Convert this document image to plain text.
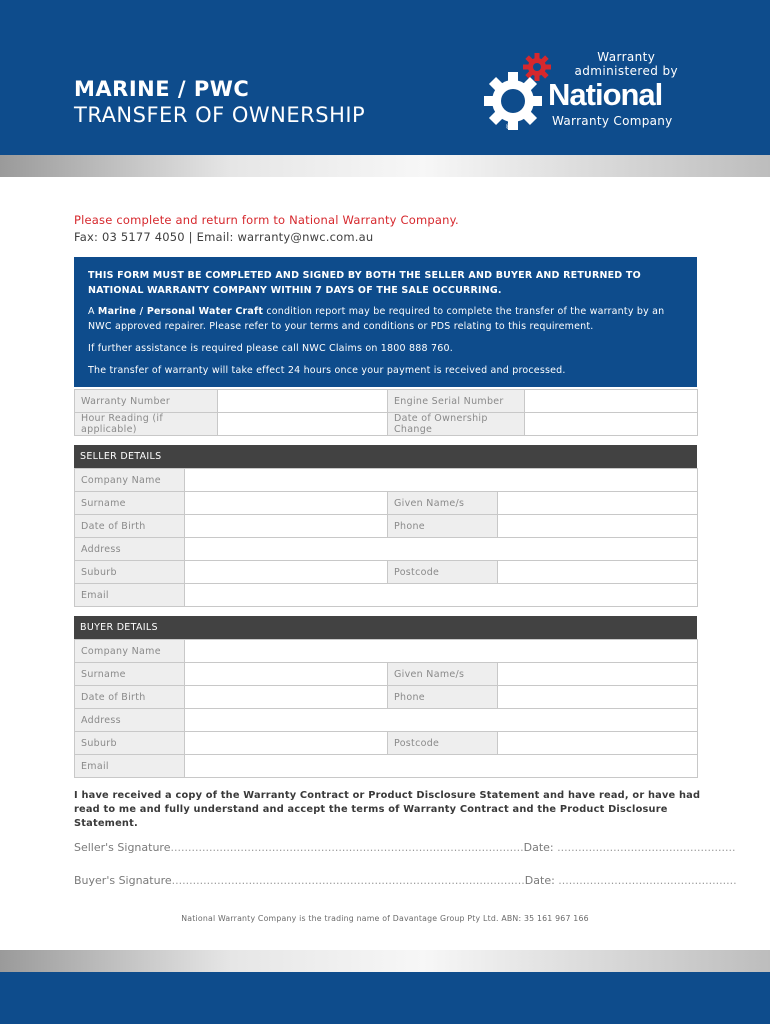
MARINE / PWC
TRANSFER OF OWNERSHIP
Warranty
administered by
®
National
Warranty Company
Please complete and return form to National Warranty Company.
Fax: 03 5177 4050 | Email: warranty@nwc.com.au
THIS FORM MUST BE COMPLETED AND SIGNED BY BOTH THE SELLER AND BUYER AND RETURNED TO NATIONAL WARRANTY COMPANY WITHIN 7 DAYS OF THE SALE OCCURRING.

A Marine / Personal Water Craft condition report may be required to complete the transfer of the warranty by an NWC approved repairer. Please refer to your terms and conditions or PDS relating to this requirement.

If further assistance is required please call NWC Claims on 1800 888 760.

The transfer of warranty will take effect 24 hours once your payment is received and processed.

Warranty Number		Engine Serial Number	
Hour Reading (if applicable)		Date of Ownership Change	
SELLER DETAILS
Company Name			
Surname		Given Name/s	
Date of Birth		Phone	
Address			
Suburb		Postcode	
Email			
BUYER DETAILS
Company Name			
Surname		Given Name/s	
Date of Birth		Phone	
Address			
Suburb		Postcode	
Email			
I have received a copy of the Warranty Contract or Product Disclosure Statement and have read, or have had read to me and fully understand and accept the terms of Warranty Contract and the Product Disclosure Statement.
Seller's Signature.....................................................................................................Date: ...................................................
Buyer's Signature.....................................................................................................Date: ...................................................
National Warranty Company is the trading name of Davantage Group Pty Ltd. ABN: 35 161 967 166
